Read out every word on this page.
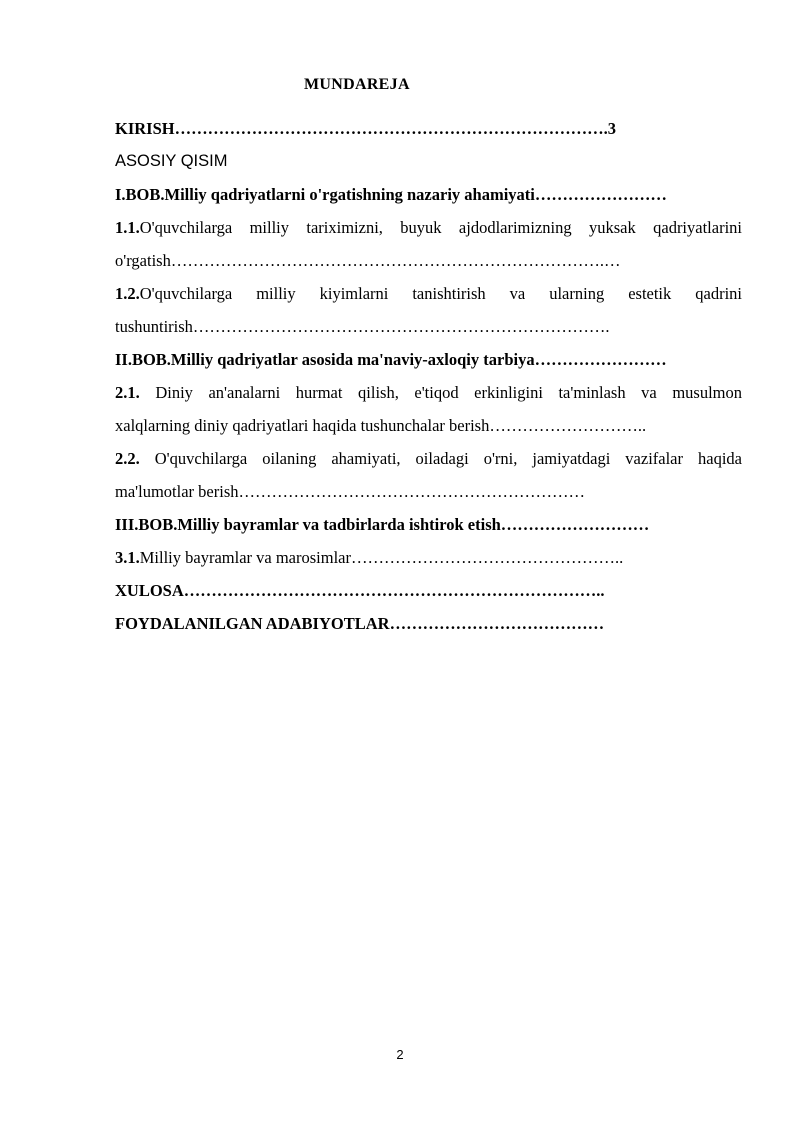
MUNDAREJA
KIRISH…………………………………………………………………….3
ASOSIY QISIM
I.BOB.Milliy qadriyatlarni o'rgatishning nazariy ahamiyati……………………
1.1.O'quvchilarga milliy tariximizni, buyuk ajdodlarimizning yuksak qadriyatlarini
o'rgatish…………………………………………………………………….…
1.2.O'quvchilarga milliy kiyimlarni tanishtirish va ularning estetik qadrini
tushuntirish………………………………………………………………….
II.BOB.Milliy qadriyatlar asosida ma'naviy-axloqiy tarbiya……………………
2.1. Diniy an'analarni hurmat qilish, e'tiqod erkinligini ta'minlash va musulmon
xalqlarning diniy qadriyatlari haqida tushunchalar berish………………………..
2.2. O'quvchilarga oilaning ahamiyati, oiladagi o'rni, jamiyatdagi vazifalar haqida
ma'lumotlar berish………………………………………………………
III.BOB.Milliy bayramlar va tadbirlarda ishtirok etish………………………
3.1.Milliy bayramlar va marosimlar…………………………………………..
XULOSA…………………………………………………………………..
FOYDALANILGAN ADABIYOTLAR…………………………………
2
